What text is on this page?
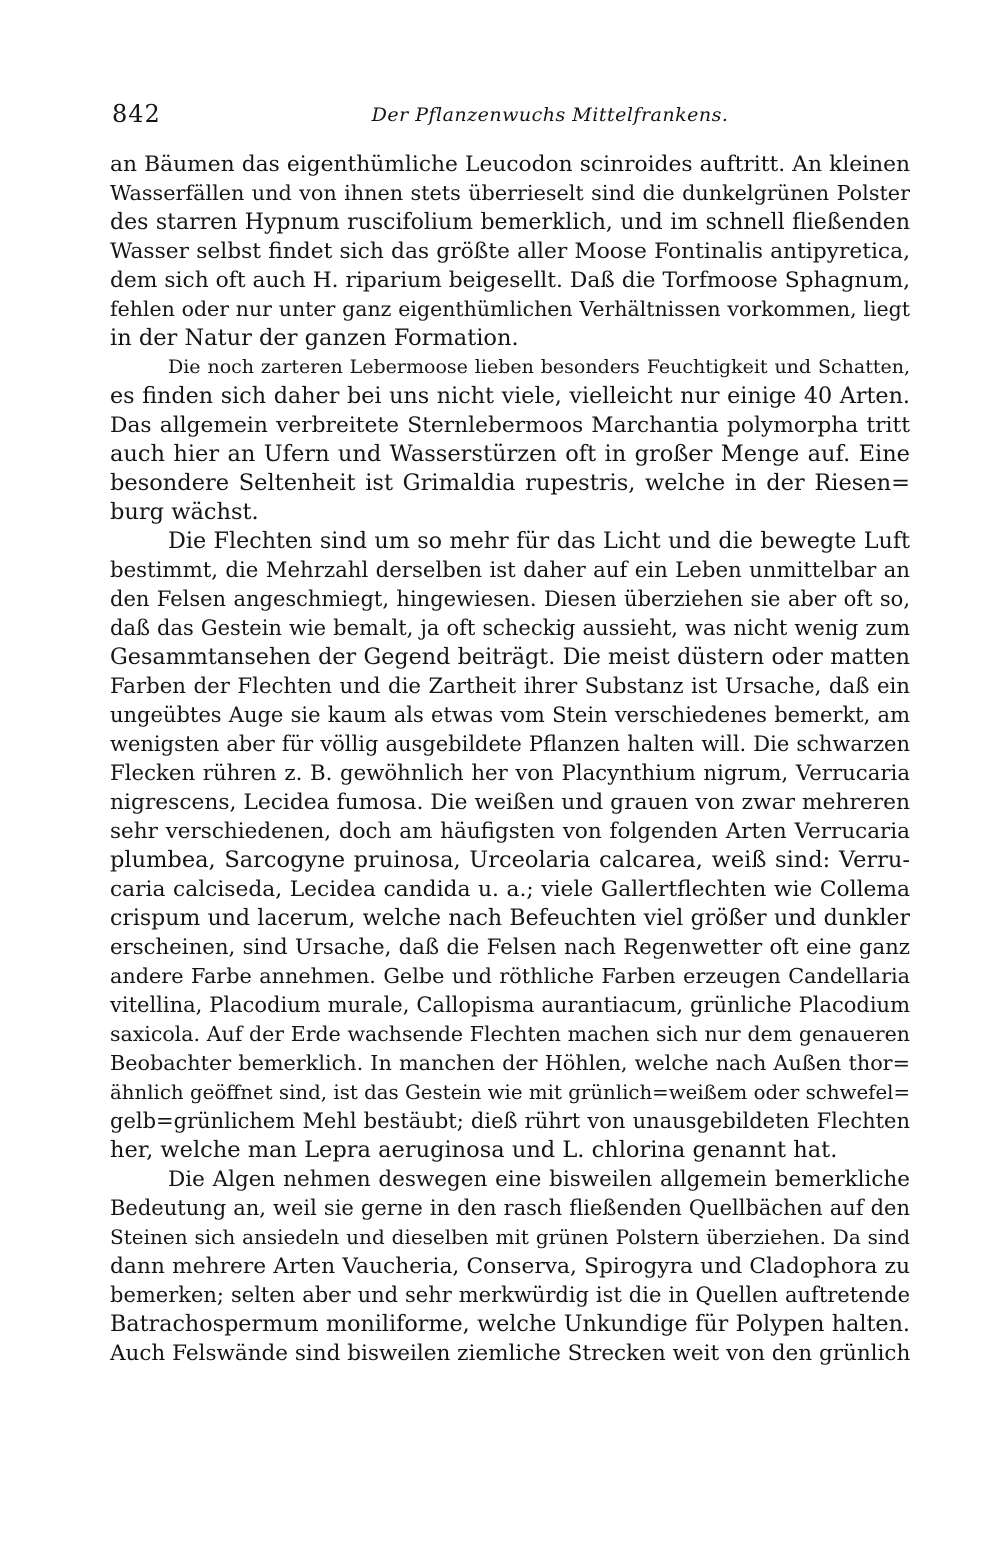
842	Der Pflanzenwuchs Mittelfrankens.

an Bäumen das eigenthümliche Leucodon scinroides auftritt. An kleinen
Wasserfällen und von ihnen stets überrieselt sind die dunkelgrünen Polster
des starren Hypnum ruscifolium bemerklich, und im schnell fließenden
Wasser selbst findet sich das größte aller Moose Fontinalis antipyretica,
dem sich oft auch H. riparium beigesellt. Daß die Torfmoose Sphagnum,
fehlen oder nur unter ganz eigenthümlichen Verhältnissen vorkommen, liegt
in der Natur der ganzen Formation.

Die noch zarteren Lebermoose lieben besonders Feuchtigkeit und Schatten,
es finden sich daher bei uns nicht viele, vielleicht nur einige 40 Arten.
Das allgemein verbreitete Sternlebermoos Marchantia polymorpha tritt
auch hier an Ufern und Wasserstürzen oft in großer Menge auf. Eine
besondere Seltenheit ist Grimaldia rupestris, welche in der Riesen=
burg wächst.

Die Flechten sind um so mehr für das Licht und die bewegte Luft
bestimmt, die Mehrzahl derselben ist daher auf ein Leben unmittelbar an
den Felsen angeschmiegt, hingewiesen. Diesen überziehen sie aber oft so,
daß das Gestein wie bemalt, ja oft scheckig aussieht, was nicht wenig zum
Gesammtansehen der Gegend beiträgt. Die meist düstern oder matten
Farben der Flechten und die Zartheit ihrer Substanz ist Ursache, daß ein
ungeübtes Auge sie kaum als etwas vom Stein verschiedenes bemerkt, am
wenigsten aber für völlig ausgebildete Pflanzen halten will. Die schwarzen
Flecken rühren z. B. gewöhnlich her von Placynthium nigrum, Verrucaria
nigrescens, Lecidea fumosa. Die weißen und grauen von zwar mehreren
sehr verschiedenen, doch am häufigsten von folgenden Arten Verrucaria
plumbea, Sarcogyne pruinosa, Urceolaria calcarea, weiß sind: Verru-
caria calciseda, Lecidea candida u. a.; viele Gallertflechten wie Collema
crispum und lacerum, welche nach Befeuchten viel größer und dunkler
erscheinen, sind Ursache, daß die Felsen nach Regenwetter oft eine ganz
andere Farbe annehmen. Gelbe und röthliche Farben erzeugen Candellaria
vitellina, Placodium murale, Callopisma aurantiacum, grünliche Placodium
saxicola. Auf der Erde wachsende Flechten machen sich nur dem genaueren
Beobachter bemerklich. In manchen der Höhlen, welche nach Außen thor=
ähnlich geöffnet sind, ist das Gestein wie mit grünlich=weißem oder schwefel=
gelb=grünlichem Mehl bestäubt; dieß rührt von unausgebildeten Flechten
her, welche man Lepra aeruginosa und L. chlorina genannt hat.

Die Algen nehmen deswegen eine bisweilen allgemein bemerkliche
Bedeutung an, weil sie gerne in den rasch fließenden Quellbächen auf den
Steinen sich ansiedeln und dieselben mit grünen Polstern überziehen. Da sind
dann mehrere Arten Vaucheria, Conserva, Spirogyra und Cladophora zu
bemerken; selten aber und sehr merkwürdig ist die in Quellen auftretende
Batrachospermum moniliforme, welche Unkundige für Polypen halten.
Auch Felswände sind bisweilen ziemliche Strecken weit von den grünlich
